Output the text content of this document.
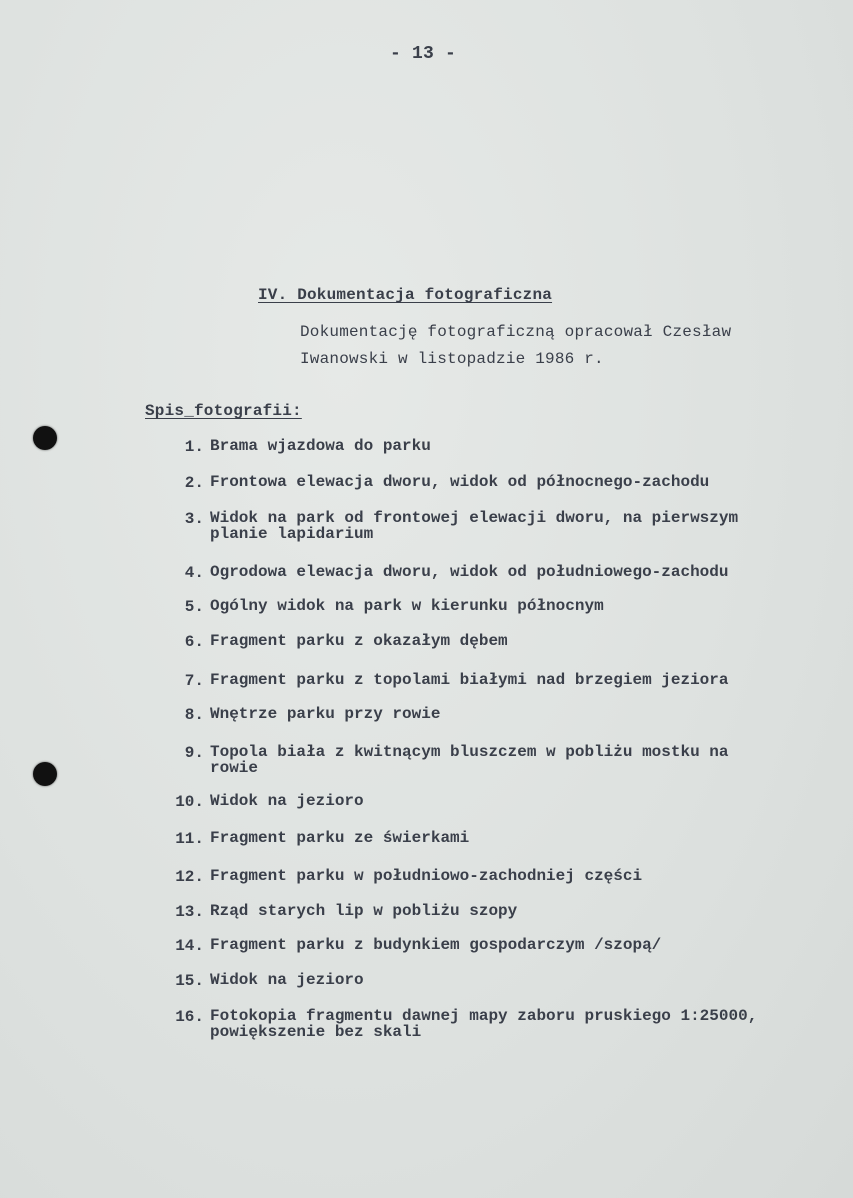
- 13 -
IV. Dokumentacja fotograficzna
Dokumentację fotograficzną opracował Czesław
Iwanowski w listopadzie 1986 r.
Spis_fotografii:
1. Brama wjazdowa do parku
2. Frontowa elewacja dworu, widok od północnego-zachodu
3. Widok na park od frontowej elewacji dworu, na pierwszym
planie lapidarium
4. Ogrodowa elewacja dworu, widok od południowego-zachodu
5. Ogólny widok na park w kierunku północnym
6. Fragment parku z okazałym dębem
7. Fragment parku z topolami białymi nad brzegiem jeziora
8. Wnętrze parku przy rowie
9. Topola biała z kwitnącym bluszczem w pobliżu mostku na
rowie
10. Widok na jezioro
11. Fragment parku ze świerkami
12. Fragment parku w południowo-zachodniej części
13. Rząd starych lip w pobliżu szopy
14. Fragment parku z budynkiem gospodarczym /szopą/
15. Widok na jezioro
16. Fotokopia fragmentu dawnej mapy zaboru pruskiego 1:25000,
powiększenie bez skali
